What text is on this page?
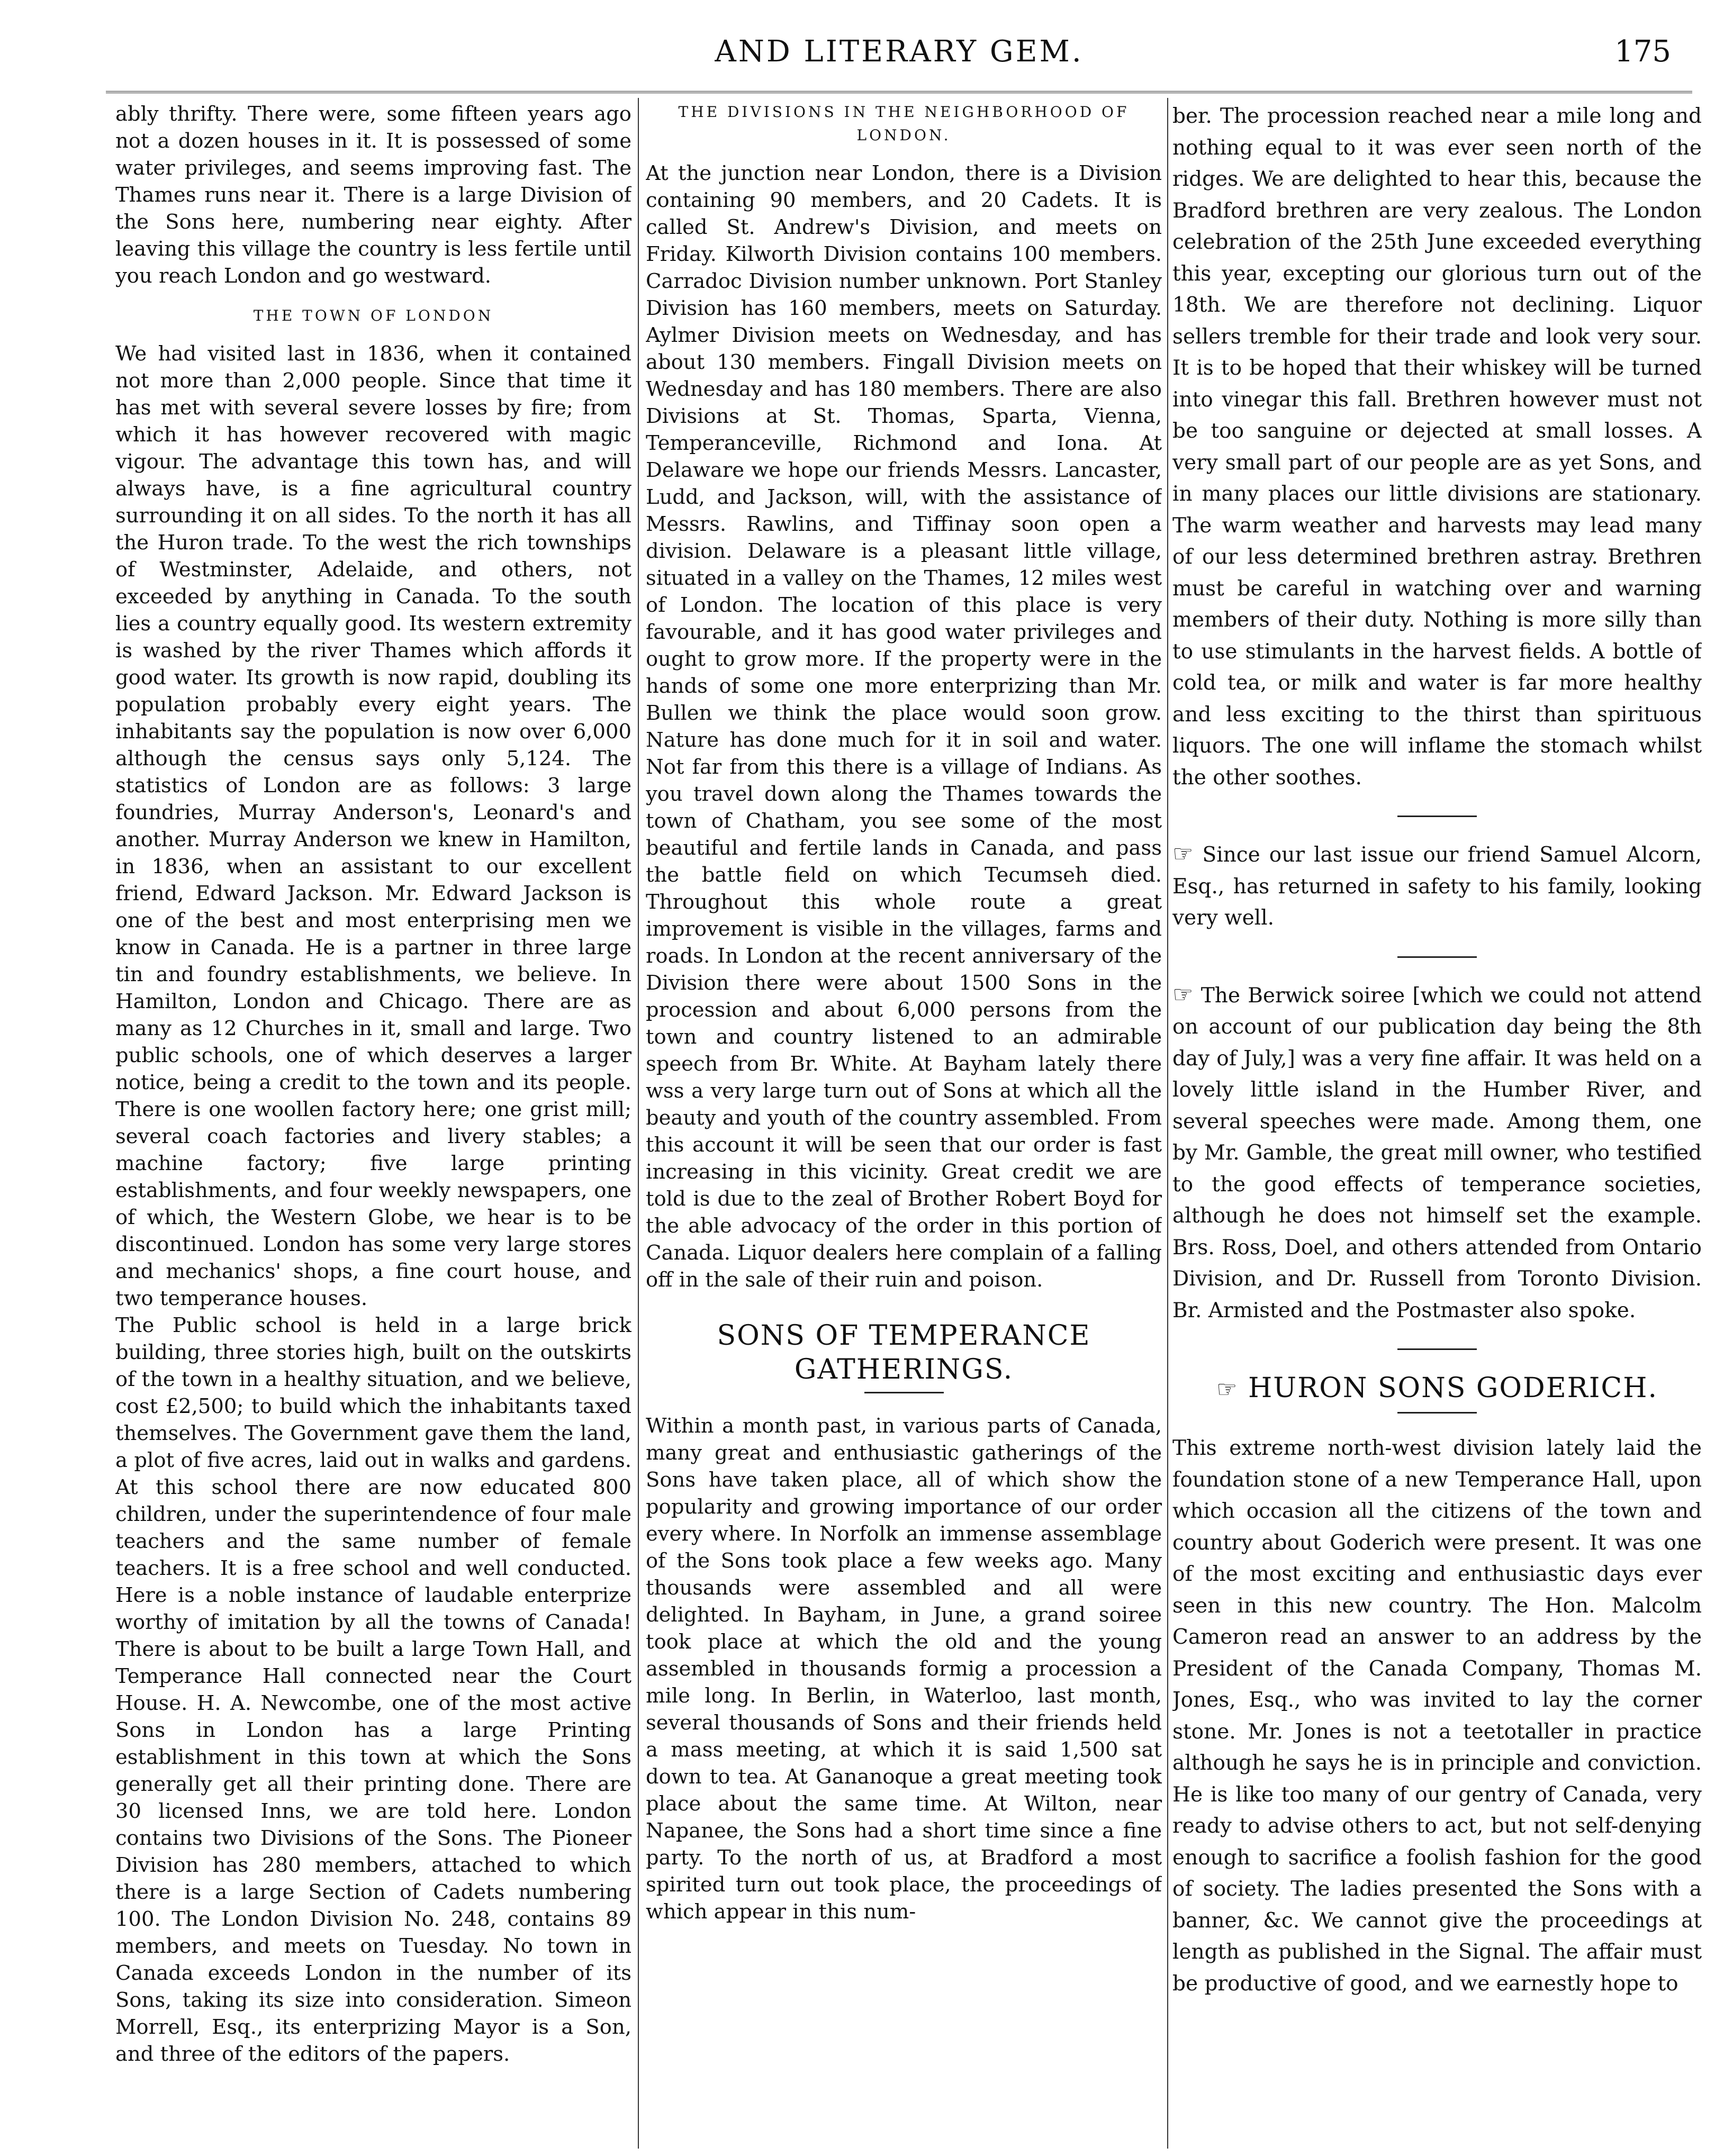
AND LITERARY GEM.	175

ably thrifty. There were, some fifteen years ago not a dozen houses in it. It is possessed of some water privileges, and seems improving fast. The Thames runs near it. There is a large Division of the Sons here, numbering near eighty. After leaving this village the country is less fertile until you reach London and go westward.

THE TOWN OF LONDON

We had visited last in 1836, when it contained not more than 2,000 people. Since that time it has met with several severe losses by fire; from which it has however recovered with magic vigour. The advantage this town has, and will always have, is a fine agricultural country surrounding it on all sides. To the north it has all the Huron trade. To the west the rich townships of Westminster, Adelaide, and others, not exceeded by anything in Canada. To the south lies a country equally good. Its western extremity is washed by the river Thames which affords it good water. Its growth is now rapid, doubling its population probably every eight years. The inhabitants say the population is now over 6,000 although the census says only 5,124. The statistics of London are as follows: 3 large foundries, Murray Anderson's, Leonard's and another. Murray Anderson we knew in Hamilton, in 1836, when an assistant to our excellent friend, Edward Jackson. Mr. Edward Jackson is one of the best and most enterprising men we know in Canada. He is a partner in three large tin and foundry establishments, we believe. In Hamilton, London and Chicago. There are as many as 12 Churches in it, small and large. Two public schools, one of which deserves a larger notice, being a credit to the town and its people. There is one woollen factory here; one grist mill; several coach factories and livery stables; a machine factory; five large printing establishments, and four weekly newspapers, one of which, the Western Globe, we hear is to be discontinued. London has some very large stores and mechanics' shops, a fine court house, and two temperance houses.

The Public school is held in a large brick building, three stories high, built on the outskirts of the town in a healthy situation, and we believe, cost £2,500; to build which the inhabitants taxed themselves. The Government gave them the land, a plot of five acres, laid out in walks and gardens. At this school there are now educated 800 children, under the superintendence of four male teachers and the same number of female teachers. It is a free school and well conducted. Here is a noble instance of laudable enterprize worthy of imitation by all the towns of Canada! There is about to be built a large Town Hall, and Temperance Hall connected near the Court House. H. A. Newcombe, one of the most active Sons in London has a large Printing establishment in this town at which the Sons generally get all their printing done. There are 30 licensed Inns, we are told here. London contains two Divisions of the Sons. The Pioneer Division has 280 members, attached to which there is a large Section of Cadets numbering 100. The London Division No. 248, contains 89 members, and meets on Tuesday. No town in Canada exceeds London in the number of its Sons, taking its size into consideration. Simeon Morrell, Esq., its enterprizing Mayor is a Son, and three of the editors of the papers.

THE DIVISIONS IN THE NEIGHBORHOOD OF LONDON.

At the junction near London, there is a Division containing 90 members, and 20 Cadets. It is called St. Andrew's Division, and meets on Friday. Kilworth Division contains 100 members. Carradoc Division number unknown. Port Stanley Division has 160 members, meets on Saturday. Aylmer Division meets on Wednesday, and has about 130 members. Fingall Division meets on Wednesday and has 180 members. There are also Divisions at St. Thomas, Sparta, Vienna, Temperanceville, Richmond and Iona. At Delaware we hope our friends Messrs. Lancaster, Ludd, and Jackson, will, with the assistance of Messrs. Rawlins, and Tiffinay soon open a division. Delaware is a pleasant little village, situated in a valley on the Thames, 12 miles west of London. The location of this place is very favourable, and it has good water privileges and ought to grow more. If the property were in the hands of some one more enterprizing than Mr. Bullen we think the place would soon grow. Nature has done much for it in soil and water. Not far from this there is a village of Indians. As you travel down along the Thames towards the town of Chatham, you see some of the most beautiful and fertile lands in Canada, and pass the battle field on which Tecumseh died. Throughout this whole route a great improvement is visible in the villages, farms and roads. In London at the recent anniversary of the Division there were about 1500 Sons in the procession and about 6,000 persons from the town and country listened to an admirable speech from Br. White. At Bayham lately there wss a very large turn out of Sons at which all the beauty and youth of the country assembled. From this account it will be seen that our order is fast increasing in this vicinity. Great credit we are told is due to the zeal of Brother Robert Boyd for the able advocacy of the order in this portion of Canada. Liquor dealers here complain of a falling off in the sale of their ruin and poison.

SONS OF TEMPERANCE GATHERINGS.

Within a month past, in various parts of Canada, many great and enthusiastic gatherings of the Sons have taken place, all of which show the popularity and growing importance of our order every where. In Norfolk an immense assemblage of the Sons took place a few weeks ago. Many thousands were assembled and all were delighted. In Bayham, in June, a grand soiree took place at which the old and the young assembled in thousands formig a procession a mile long. In Berlin, in Waterloo, last month, several thousands of Sons and their friends held a mass meeting, at which it is said 1,500 sat down to tea. At Gananoque a great meeting took place about the same time. At Wilton, near Napanee, the Sons had a short time since a fine party. To the north of us, at Bradford a most spirited turn out took place, the proceedings of which appear in this num-

ber. The procession reached near a mile long and nothing equal to it was ever seen north of the ridges. We are delighted to hear this, because the Bradford brethren are very zealous. The London celebration of the 25th June exceeded everything this year, excepting our glorious turn out of the 18th. We are therefore not declining. Liquor sellers tremble for their trade and look very sour. It is to be hoped that their whiskey will be turned into vinegar this fall. Brethren however must not be too sanguine or dejected at small losses. A very small part of our people are as yet Sons, and in many places our little divisions are stationary. The warm weather and harvests may lead many of our less determined brethren astray. Brethren must be careful in watching over and warning members of their duty. Nothing is more silly than to use stimulants in the harvest fields. A bottle of cold tea, or milk and water is far more healthy and less exciting to the thirst than spirituous liquors. The one will inflame the stomach whilst the other soothes.

☞ Since our last issue our friend Samuel Alcorn, Esq., has returned in safety to his family, looking very well.

☞ The Berwick soiree [which we could not attend on account of our publication day being the 8th day of July,] was a very fine affair. It was held on a lovely little island in the Humber River, and several speeches were made. Among them, one by Mr. Gamble, the great mill owner, who testified to the good effects of temperance societies, although he does not himself set the example. Brs. Ross, Doel, and others attended from Ontario Division, and Dr. Russell from Toronto Division. Br. Armisted and the Postmaster also spoke.

☞ HURON SONS GODERICH.

This extreme north-west division lately laid the foundation stone of a new Temperance Hall, upon which occasion all the citizens of the town and country about Goderich were present. It was one of the most exciting and enthusiastic days ever seen in this new country. The Hon. Malcolm Cameron read an answer to an address by the President of the Canada Company, Thomas M. Jones, Esq., who was invited to lay the corner stone. Mr. Jones is not a teetotaller in practice although he says he is in principle and conviction. He is like too many of our gentry of Canada, very ready to advise others to act, but not self-denying enough to sacrifice a foolish fashion for the good of society. The ladies presented the Sons with a banner, &c. We cannot give the proceedings at length as published in the Signal. The affair must be productive of good, and we earnestly hope to
